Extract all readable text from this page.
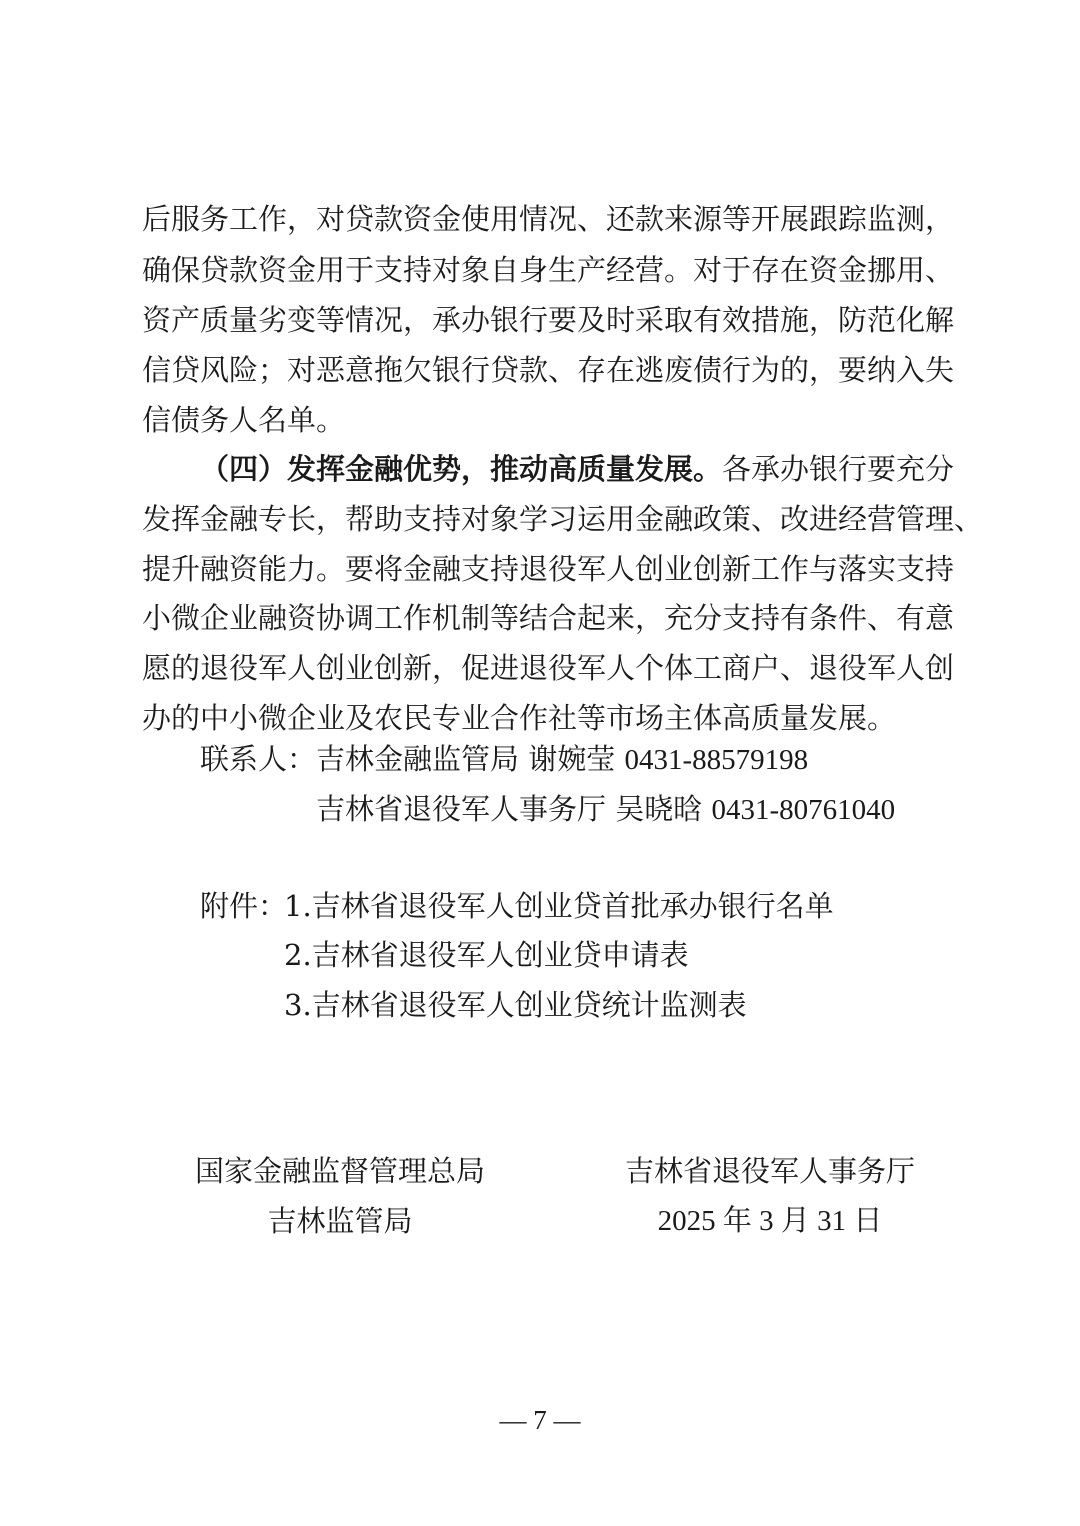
后服务工作，对贷款资金使用情况、还款来源等开展跟踪监测，
确保贷款资金用于支持对象自身生产经营。对于存在资金挪用、
资产质量劣变等情况，承办银行要及时采取有效措施，防范化解
信贷风险；对恶意拖欠银行贷款、存在逃废债行为的，要纳入失
信债务人名单。
（四）发挥金融优势，推动高质量发展。 各承办银行要充分
发挥金融专长，帮助支持对象学习运用金融政策、改进经营管理、
提升融资能力。要将金融支持退役军人创业创新工作与落实支持
小微企业融资协调工作机制等结合起来，充分支持有条件、有意
愿的退役军人创业创新，促进退役军人个体工商户、退役军人创
办的中小微企业及农民专业合作社等市场主体高质量发展。
联系人： 吉林金融监管局 谢婉莹 0431-88579198
吉林省退役军人事务厅 吴晓晗 0431-80761040
附件：
1.吉林省退役军人创业贷首批承办银行名单
2.吉林省退役军人创业贷申请表
3.吉林省退役军人创业贷统计监测表
国家金融监督管理总局
吉林监管局
吉林省退役军人事务厅
2025 年 3 月 31 日
— 7 —
